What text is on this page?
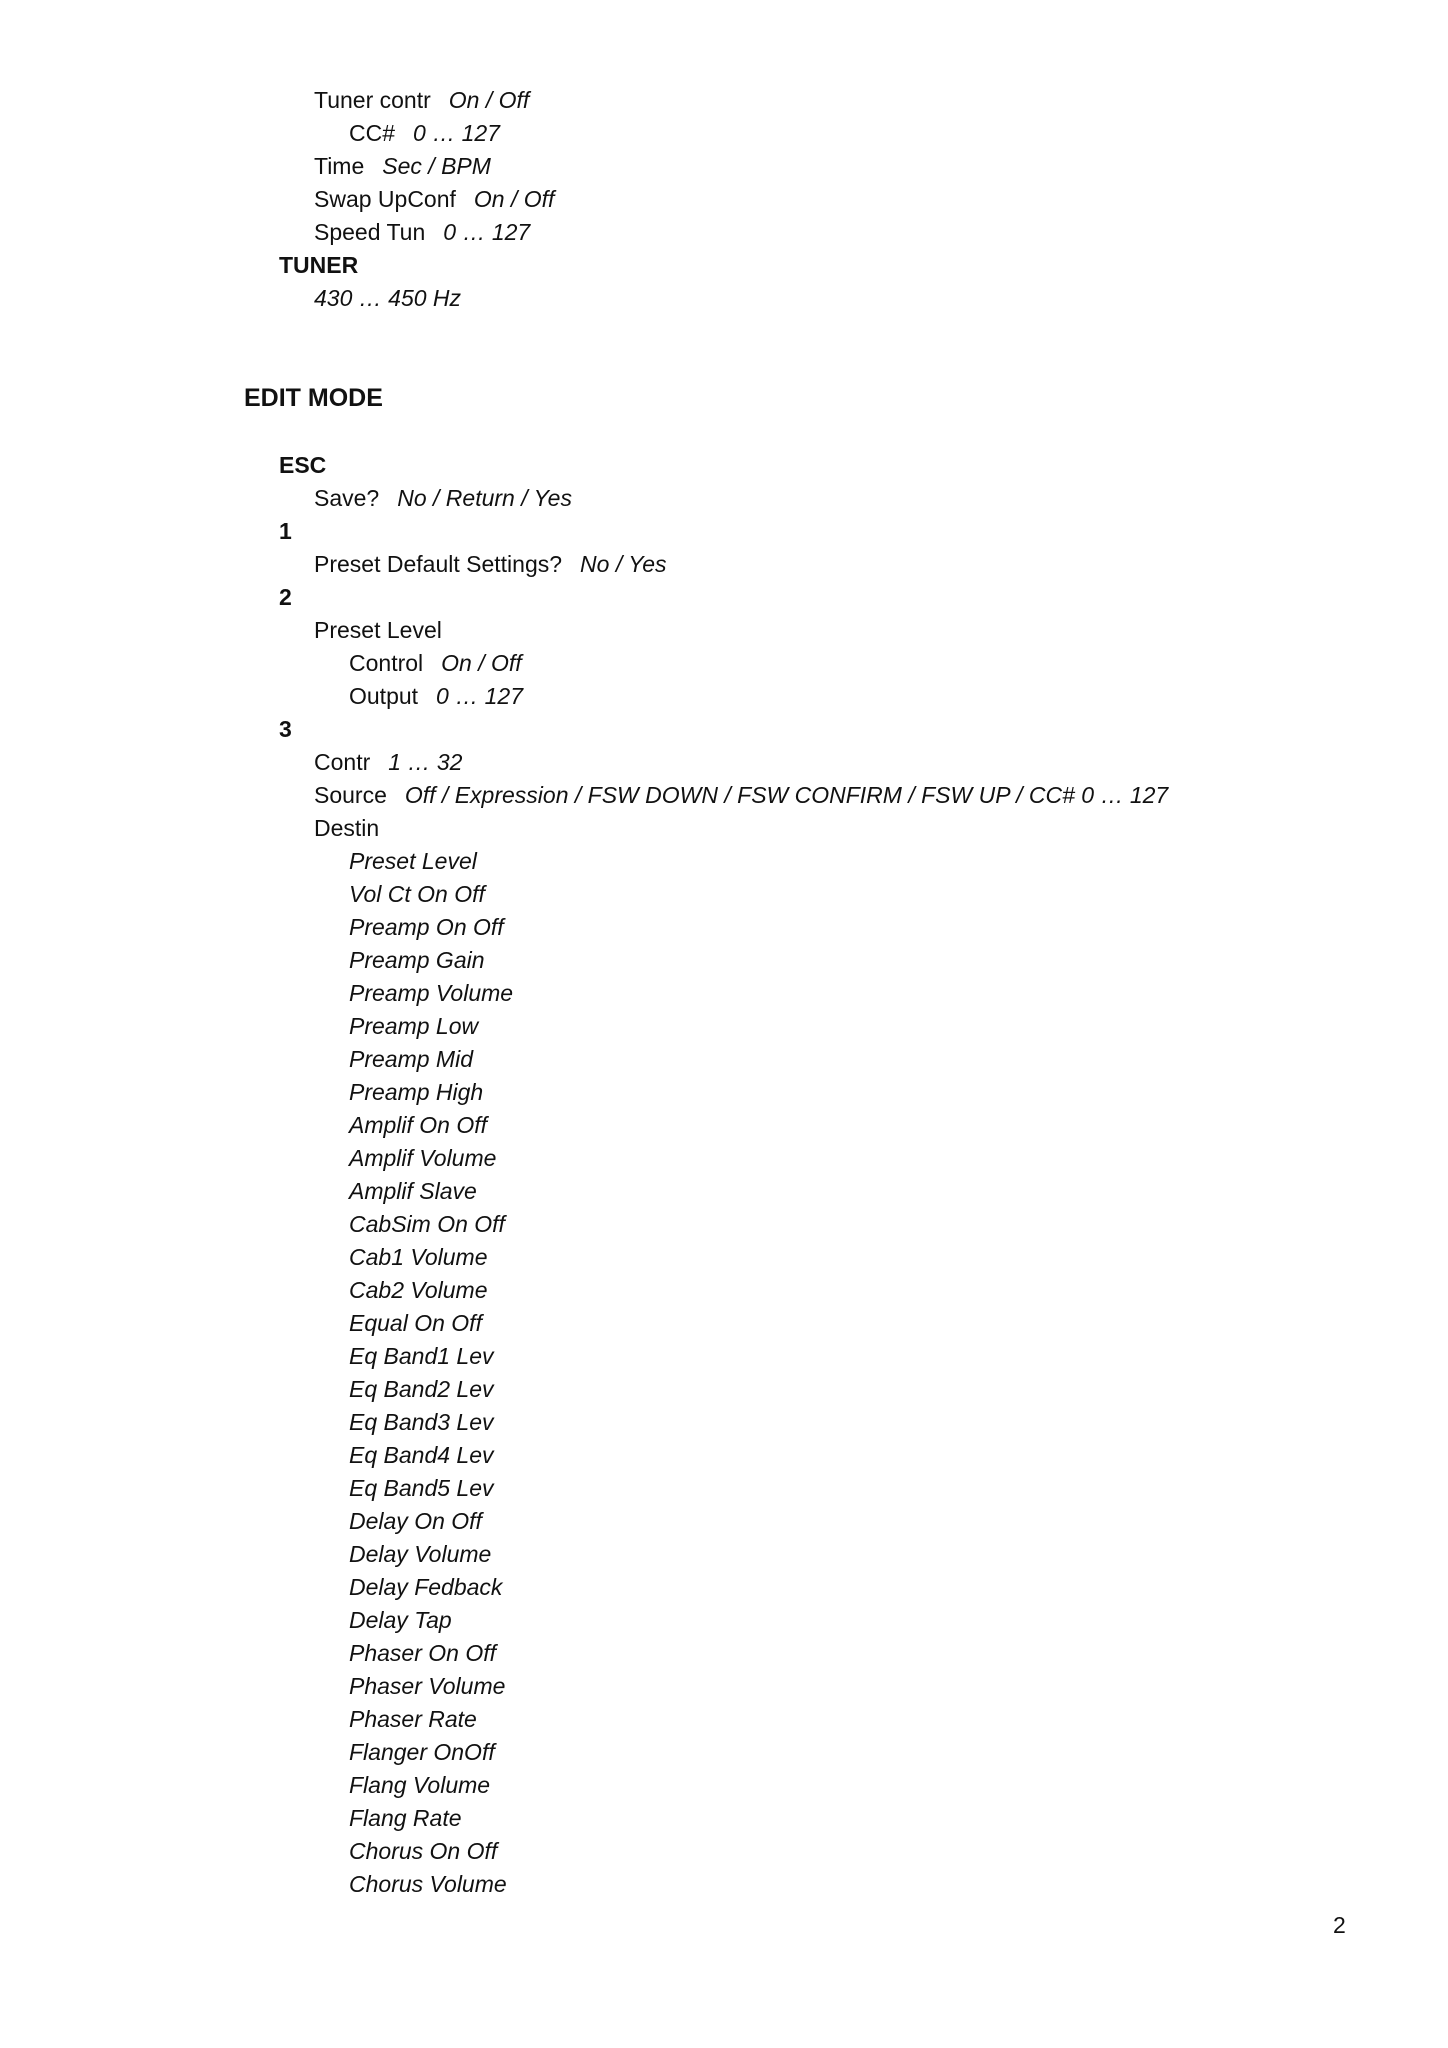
Tuner contr On / Off
CC# 0 … 127
Time Sec / BPM
Swap UpConf On / Off
Speed Tun 0 … 127
TUNER
430 … 450 Hz
EDIT MODE
ESC
Save? No / Return / Yes
1
Preset Default Settings? No / Yes
2
Preset Level
Control On / Off
Output 0 … 127
3
Contr 1 … 32
Source Off / Expression / FSW DOWN / FSW CONFIRM / FSW UP / CC# 0 … 127
Destin
Preset Level
Vol Ct On Off
Preamp On Off
Preamp Gain
Preamp Volume
Preamp Low
Preamp Mid
Preamp High
Amplif On Off
Amplif Volume
Amplif Slave
CabSim On Off
Cab1 Volume
Cab2 Volume
Equal On Off
Eq Band1 Lev
Eq Band2 Lev
Eq Band3 Lev
Eq Band4 Lev
Eq Band5 Lev
Delay On Off
Delay Volume
Delay Fedback
Delay Tap
Phaser On Off
Phaser Volume
Phaser Rate
Flanger OnOff
Flang Volume
Flang Rate
Chorus On Off
Chorus Volume
2
